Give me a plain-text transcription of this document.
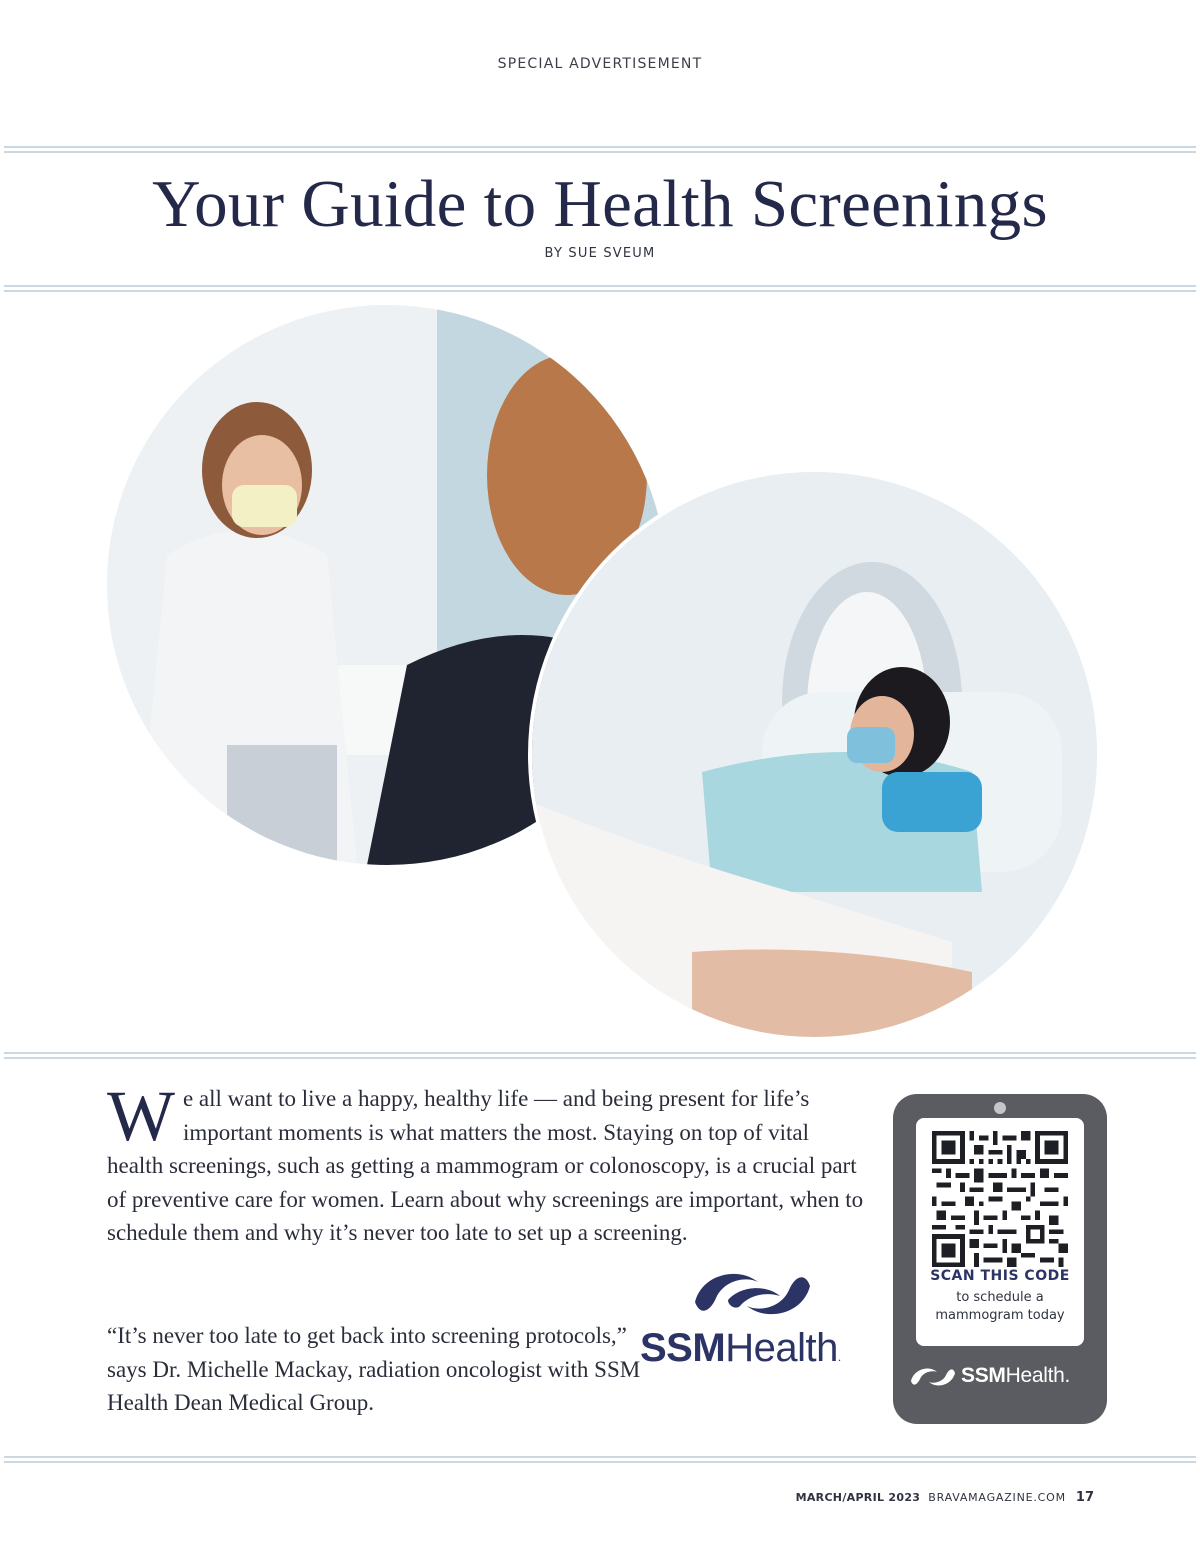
SPECIAL ADVERTISEMENT
Your Guide to Health Screenings
BY SUE SVEUM

We all want to live a happy, healthy life — and being present for life’s important moments is what matters the most. Staying on top of vital health screenings, such as getting a mammogram or colonoscopy, is a crucial part of preventive care for women. Learn about why screenings are important, when to schedule them and why it’s never too late to set up a screening.

“It’s never too late to get back into screening protocols,” says Dr. Michelle Mackay, radiation oncologist with SSM Health Dean Medical Group.
SSMHealth.
SCAN THIS CODE
to schedule a
mammogram today
SSMHealth.
MARCH/APRIL 2023 BRAVAMAGAZINE.COM 17
